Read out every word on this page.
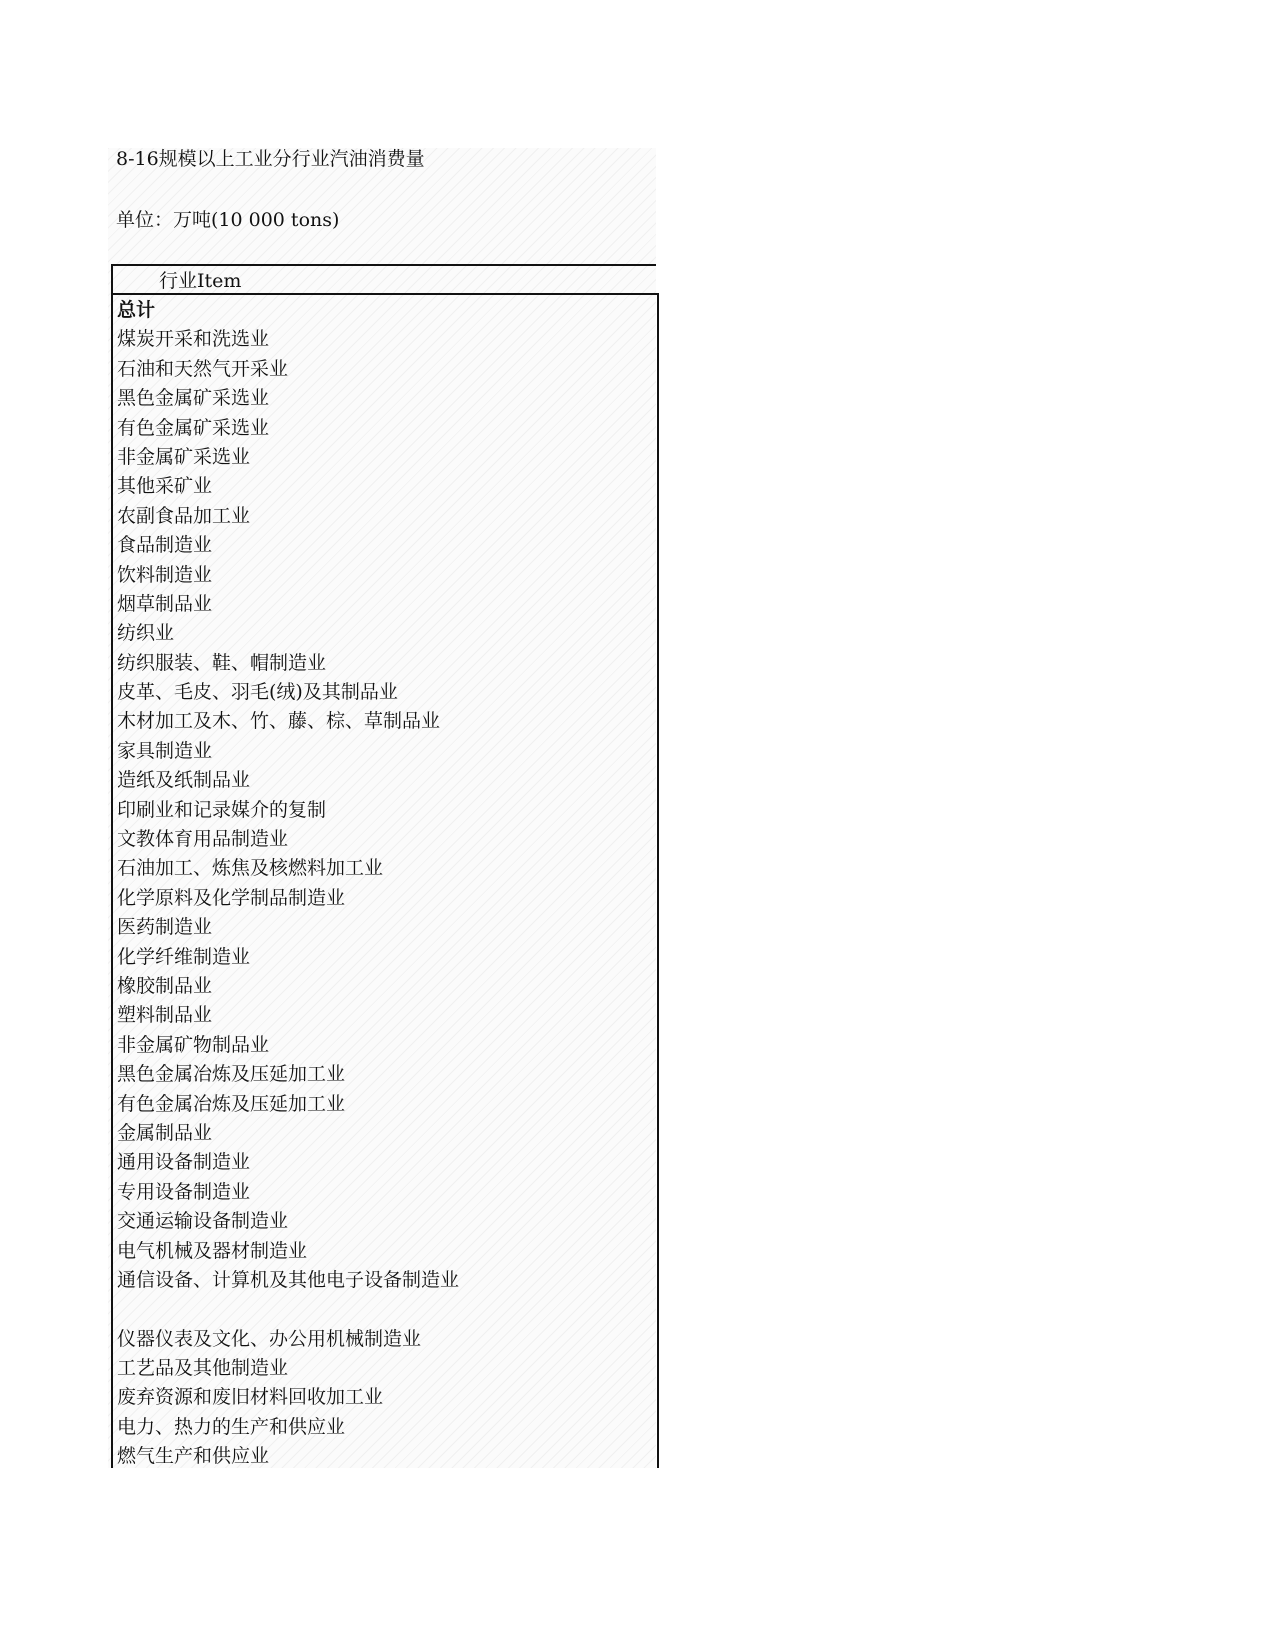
8-16规模以上工业分行业汽油消费量
单位：万吨(10 000 tons)
行业Item
总计
煤炭开采和洗选业
石油和天然气开采业
黑色金属矿采选业
有色金属矿采选业
非金属矿采选业
其他采矿业
农副食品加工业
食品制造业
饮料制造业
烟草制品业
纺织业
纺织服装、鞋、帽制造业
皮革、毛皮、羽毛(绒)及其制品业
木材加工及木、竹、藤、棕、草制品业
家具制造业
造纸及纸制品业
印刷业和记录媒介的复制
文教体育用品制造业
石油加工、炼焦及核燃料加工业
化学原料及化学制品制造业
医药制造业
化学纤维制造业
橡胶制品业
塑料制品业
非金属矿物制品业
黑色金属冶炼及压延加工业
有色金属冶炼及压延加工业
金属制品业
通用设备制造业
专用设备制造业
交通运输设备制造业
电气机械及器材制造业
通信设备、计算机及其他电子设备制造业
仪器仪表及文化、办公用机械制造业
工艺品及其他制造业
废弃资源和废旧材料回收加工业
电力、热力的生产和供应业
燃气生产和供应业
